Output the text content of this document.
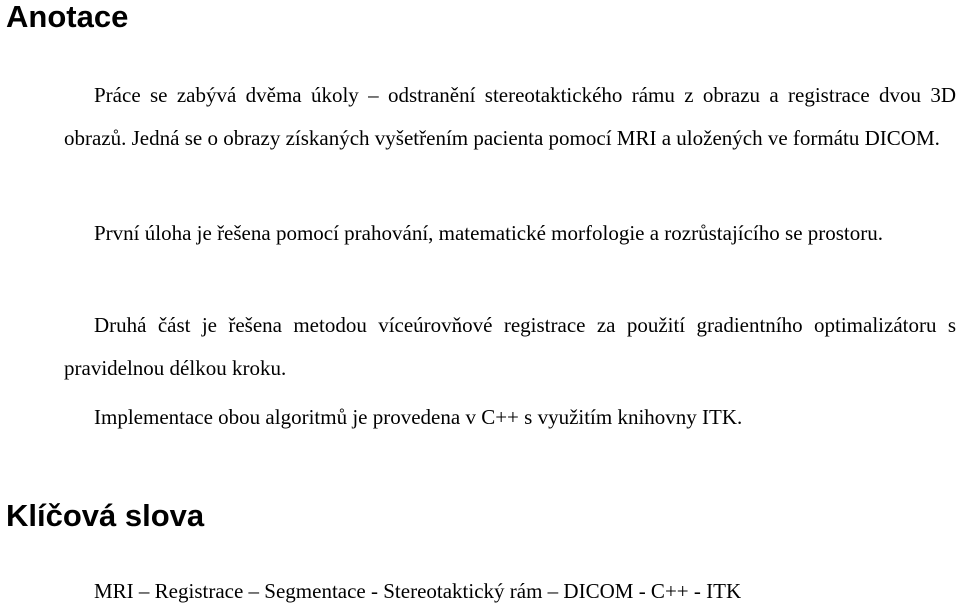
Anotace

Práce se zabývá dvěma úkoly – odstranění stereotaktického rámu z obrazu a registrace dvou 3D obrazů. Jedná se o obrazy získaných vyšetřením pacienta pomocí MRI a uložených ve formátu DICOM.

První úloha je řešena pomocí prahování, matematické morfologie a rozrůstajícího se prostoru.

Druhá část je řešena metodou víceúrovňové registrace za použití gradientního optimalizátoru s pravidelnou délkou kroku.

Implementace obou algoritmů je provedena v C++ s využitím knihovny ITK.

Klíčová slova

MRI – Registrace – Segmentace - Stereotaktický rám – DICOM - C++ - ITK
